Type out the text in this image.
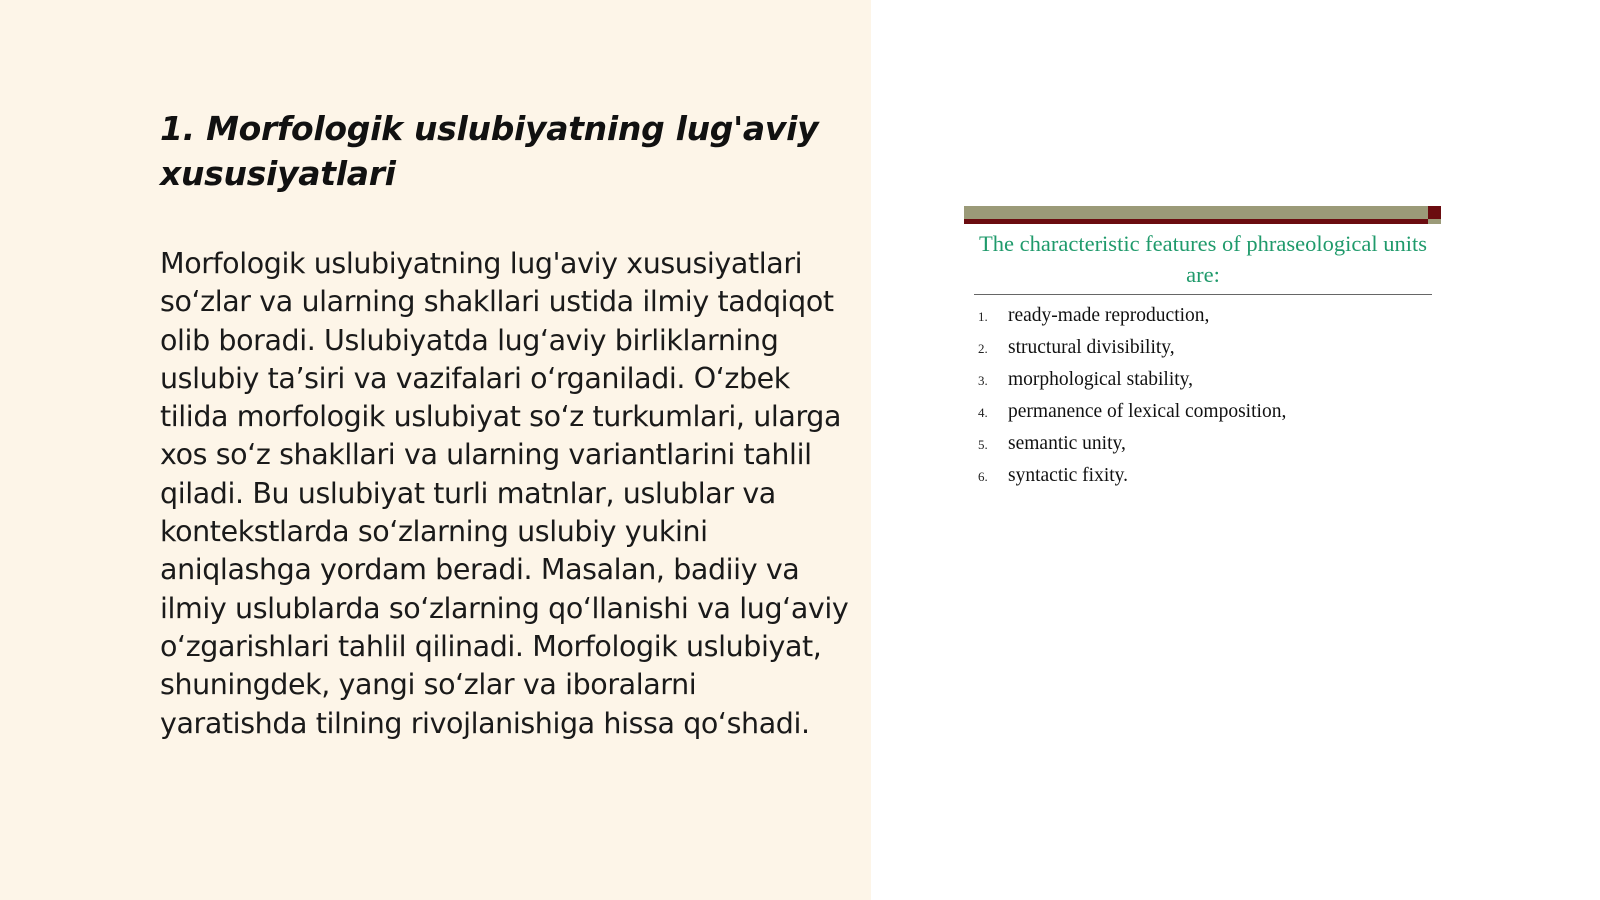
1. Morfologik uslubiyatning lug'aviy xususiyatlari

Morfologik uslubiyatning lug'aviy xususiyatlari so‘zlar va ularning shakllari ustida ilmiy tadqiqot olib boradi. Uslubiyatda lug‘aviy birliklarning uslubiy ta’siri va vazifalari o‘rganiladi. O‘zbek tilida morfologik uslubiyat so‘z turkumlari, ularga xos so‘z shakllari va ularning variantlarini tahlil qiladi. Bu uslubiyat turli matnlar, uslublar va kontekstlarda so‘zlarning uslubiy yukini aniqlashga yordam beradi. Masalan, badiiy va ilmiy uslublarda so‘zlarning qo‘llanishi va lug‘aviy o‘zgarishlari tahlil qilinadi. Morfologik uslubiyat, shuningdek, yangi so‘zlar va iboralarni yaratishda tilning rivojlanishiga hissa qo‘shadi.

The characteristic features of phraseological units are:

1. ready-made reproduction,
2. structural divisibility,
3. morphological stability,
4. permanence of lexical composition,
5. semantic unity,
6. syntactic fixity.
